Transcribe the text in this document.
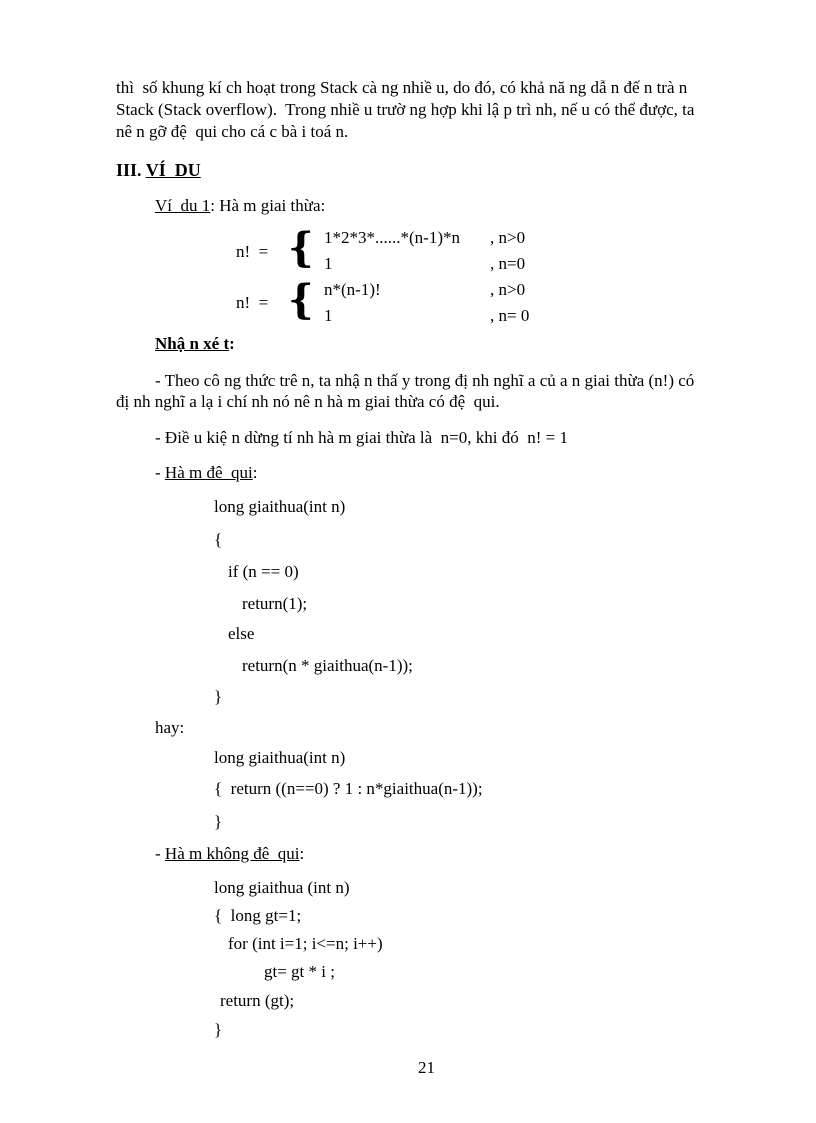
thì  số khung kí ch hoạt trong Stack cà ng nhiề u, do đó, có khả nă ng dẫ n đế n trà n
Stack (Stack overflow).  Trong nhiề u trườ ng hợp khi lậ p trì nh, nế u có thể được, ta
nê n gỡ đệ  qui cho cá c bà i toá n.
III. VÍ  DU
Ví  du 1: Hà m giai thừa:
n!  = { 1*2*3*......*(n-1)*n , n>0
1	, n=0
n!  = { n*(n-1)!	, n>0
1	, n= 0
Nhậ n xé t:
- Theo cô ng thức trê n, ta nhậ n thấ y trong đị nh nghĩ a củ a n giai thừa (n!) có
đị nh nghĩ a lạ i chí nh nó nê n hà m giai thừa có đệ  qui.
- Điề u kiệ n dừng tí nh hà m giai thừa là  n=0, khi đó  n! = 1
- Hà m đê  qui:
long giaithua(int n)
{
if (n == 0)
return(1);
else
return(n * giaithua(n-1));
}
hay:
long giaithua(int n)
{  return ((n==0) ? 1 : n*giaithua(n-1));
}
- Hà m không đê  qui:
long giaithua (int n)
{  long gt=1;
for (int i=1; i<=n; i++)
gt= gt * i ;
return (gt);
}
21
